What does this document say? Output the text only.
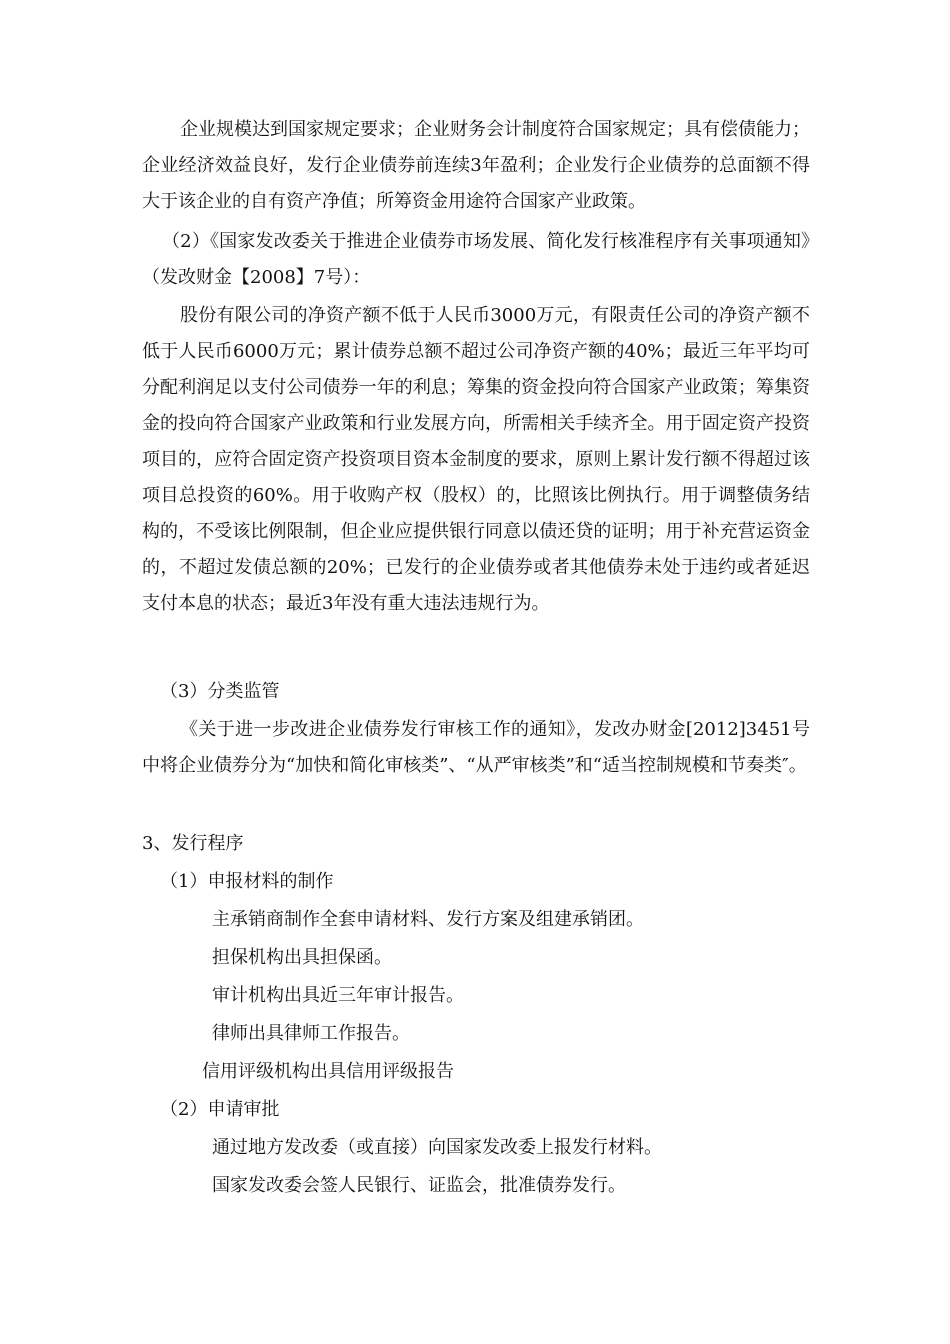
企业规模达到国家规定要求；企业财务会计制度符合国家规定；具有偿债能力；企业经济效益良好，发行企业债券前连续3年盈利；企业发行企业债券的总面额不得大于该企业的自有资产净值；所筹资金用途符合国家产业政策。

（2）《国家发改委关于推进企业债券市场发展、简化发行核准程序有关事项通知》（发改财金【2008】7号）：

股份有限公司的净资产额不低于人民币3000万元，有限责任公司的净资产额不低于人民币6000万元；累计债券总额不超过公司净资产额的40%；最近三年平均可分配利润足以支付公司债券一年的利息；筹集的资金投向符合国家产业政策；筹集资金的投向符合国家产业政策和行业发展方向，所需相关手续齐全。用于固定资产投资项目的，应符合固定资产投资项目资本金制度的要求，原则上累计发行额不得超过该项目总投资的60%。用于收购产权（股权）的，比照该比例执行。用于调整债务结构的，不受该比例限制，但企业应提供银行同意以债还贷的证明；用于补充营运资金的，不超过发债总额的20%；已发行的企业债券或者其他债券未处于违约或者延迟支付本息的状态；最近3年没有重大违法违规行为。

（3）分类监管

《关于进一步改进企业债券发行审核工作的通知》，发改办财金[2012]3451号中将企业债券分为“加快和简化审核类”、“从严审核类”和“适当控制规模和节奏类″。

3、发行程序

（1）申报材料的制作

主承销商制作全套申请材料、发行方案及组建承销团。

担保机构出具担保函。

审计机构出具近三年审计报告。

律师出具律师工作报告。

信用评级机构出具信用评级报告

（2）申请审批

通过地方发改委（或直接）向国家发改委上报发行材料。

国家发改委会签人民银行、证监会，批准债券发行。
